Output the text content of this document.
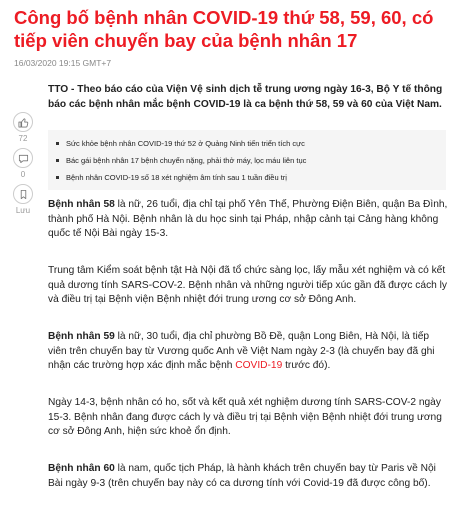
Công bố bệnh nhân COVID-19 thứ 58, 59, 60, có tiếp viên chuyến bay của bệnh nhân 17
16/03/2020 19:15 GMT+7
72
0
Lưu

TTO - Theo báo cáo của Viện Vệ sinh dịch tễ trung ương ngày 16-3, Bộ Y tế thông báo các bệnh nhân mắc bệnh COVID-19 là ca bệnh thứ 58, 59 và 60 của Việt Nam.

Sức khỏe bệnh nhân COVID-19 thứ 52 ở Quảng Ninh tiến triển tích cực
Bác gái bệnh nhân 17 bệnh chuyển nặng, phải thở máy, lọc máu liên tục
Bệnh nhân COVID-19 số 18 xét nghiệm âm tính sau 1 tuần điều trị

Bệnh nhân 58 là nữ, 26 tuổi, địa chỉ tại phố Yên Thế, Phường Điện Biên, quận Ba Đình, thành phố Hà Nội. Bệnh nhân là du học sinh tại Pháp, nhập cảnh tại Cảng hàng không quốc tế Nội Bài ngày 15-3.

Trung tâm Kiểm soát bệnh tật Hà Nội đã tổ chức sàng lọc, lấy mẫu xét nghiệm và có kết quả dương tính SARS-COV-2. Bệnh nhân và những người tiếp xúc gần đã được cách ly và điều trị tại Bệnh viện Bệnh nhiệt đới trung ương cơ sở Đông Anh.

Bệnh nhân 59 là nữ, 30 tuổi, địa chỉ phường Bồ Đề, quận Long Biên, Hà Nội, là tiếp viên trên chuyến bay từ Vương quốc Anh về Việt Nam ngày 2-3 (là chuyến bay đã ghi nhận các trường hợp xác định mắc bệnh COVID-19 trước đó).

Ngày 14-3, bệnh nhân có ho, sốt và kết quả xét nghiệm dương tính SARS-COV-2 ngày 15-3. Bệnh nhân đang được cách ly và điều trị tại Bệnh viện Bệnh nhiệt đới trung ương cơ sở Đông Anh, hiện sức khoẻ ổn định.

Bệnh nhân 60 là nam, quốc tịch Pháp, là hành khách trên chuyến bay từ Paris về Nội Bài ngày 9-3 (trên chuyến bay này có ca dương tính với Covid-19 đã được công bố).
